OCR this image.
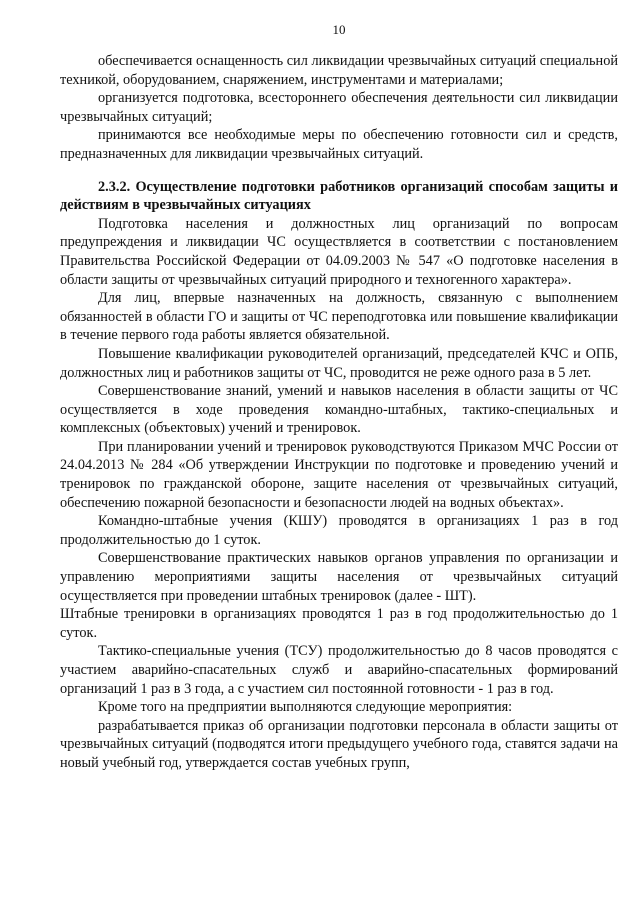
10

обеспечивается оснащенность сил ликвидации чрезвычайных ситуаций специальной техникой, оборудованием, снаряжением, инструментами и материалами;

организуется подготовка, всестороннего обеспечения деятельности сил ликвидации чрезвычайных ситуаций;

принимаются все необходимые меры по обеспечению готовности сил и средств, предназначенных для ликвидации чрезвычайных ситуаций.

2.3.2. Осуществление подготовки работников организаций способам защиты и действиям в чрезвычайных ситуациях

Подготовка населения и должностных лиц организаций по вопросам предупреждения и ликвидации ЧС осуществляется в соответствии с постановлением Правительства Российской Федерации от 04.09.2003 № 547 «О подготовке населения в области защиты от чрезвычайных ситуаций природного и техногенного характера».

Для лиц, впервые назначенных на должность, связанную с выполнением обязанностей в области ГО и защиты от ЧС переподготовка или повышение квалификации в течение первого года работы является обязательной.

Повышение квалификации руководителей организаций, председателей КЧС и ОПБ, должностных лиц и работников защиты от ЧС, проводится не реже одного раза в 5 лет.

Совершенствование знаний, умений и навыков населения в области защиты от ЧС осуществляется в ходе проведения командно-штабных, тактико-специальных и комплексных (объектовых) учений и тренировок.

При планировании учений и тренировок руководствуются Приказом МЧС России от 24.04.2013 № 284 «Об утверждении Инструкции по подготовке и проведению учений и тренировок по гражданской обороне, защите населения от чрезвычайных ситуаций, обеспечению пожарной безопасности и безопасности людей на водных объектах».

Командно-штабные учения (КШУ) проводятся в организациях 1 раз в год продолжительностью до 1 суток.

Совершенствование практических навыков органов управления по организации и управлению мероприятиями защиты населения от чрезвычайных ситуаций осуществляется при проведении штабных тренировок (далее - ШТ).

Штабные тренировки в организациях проводятся 1 раз в год продолжительностью до 1 суток.

Тактико-специальные учения (ТСУ) продолжительностью до 8 часов проводятся с участием аварийно-спасательных служб и аварийно-спасательных формирований организаций 1 раз в 3 года, а с участием сил постоянной готовности - 1 раз в год.

Кроме того на предприятии выполняются следующие мероприятия:

разрабатывается приказ об организации подготовки персонала в области защиты от чрезвычайных ситуаций (подводятся итоги предыдущего учебного года, ставятся задачи на новый учебный год, утверждается состав учебных групп,
